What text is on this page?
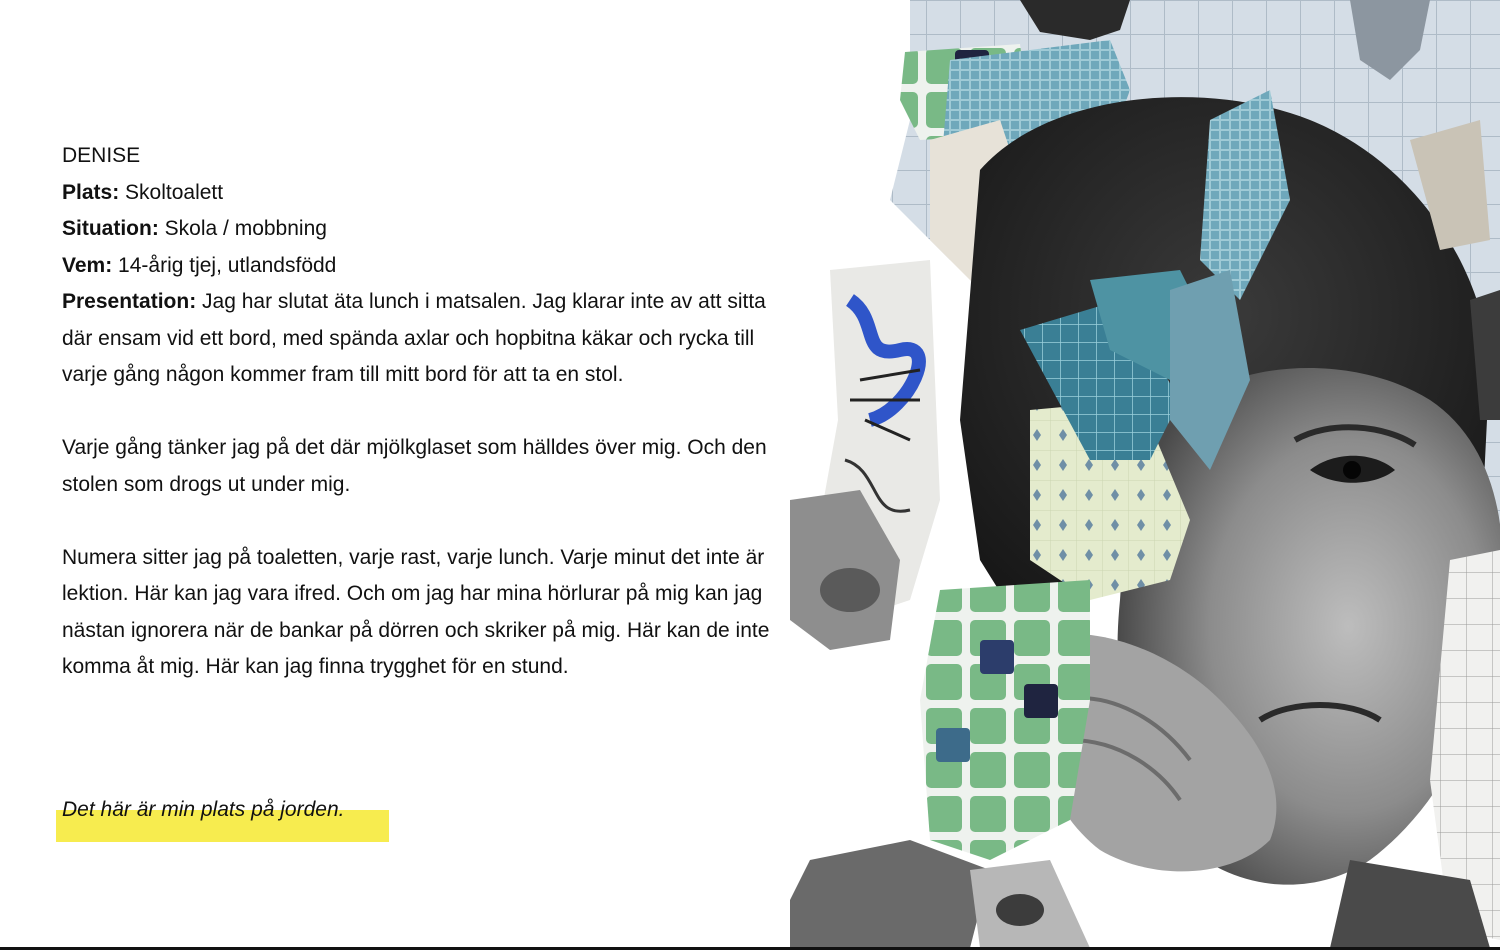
DENISE

Plats: Skoltoalett

Situation: Skola / mobbning

Vem: 14-årig tjej, utlandsfödd

Presentation: Jag har slutat äta lunch i matsalen. Jag klarar inte av att sitta där ensam vid ett bord, med spända axlar och hopbitna käkar och rycka till varje gång någon kommer fram till mitt bord för att ta en stol.

Varje gång tänker jag på det där mjölkglaset som hälldes över mig. Och den stolen som drogs ut under mig.

Numera sitter jag på toaletten, varje rast, varje lunch. Varje minut det inte är lektion. Här kan jag vara ifred. Och om jag har mina hörlurar på mig kan jag nästan ignorera när de bankar på dörren och skriker på mig. Här kan de inte komma åt mig. Här kan jag finna trygghet för en stund.

Det här är min plats på jorden.
